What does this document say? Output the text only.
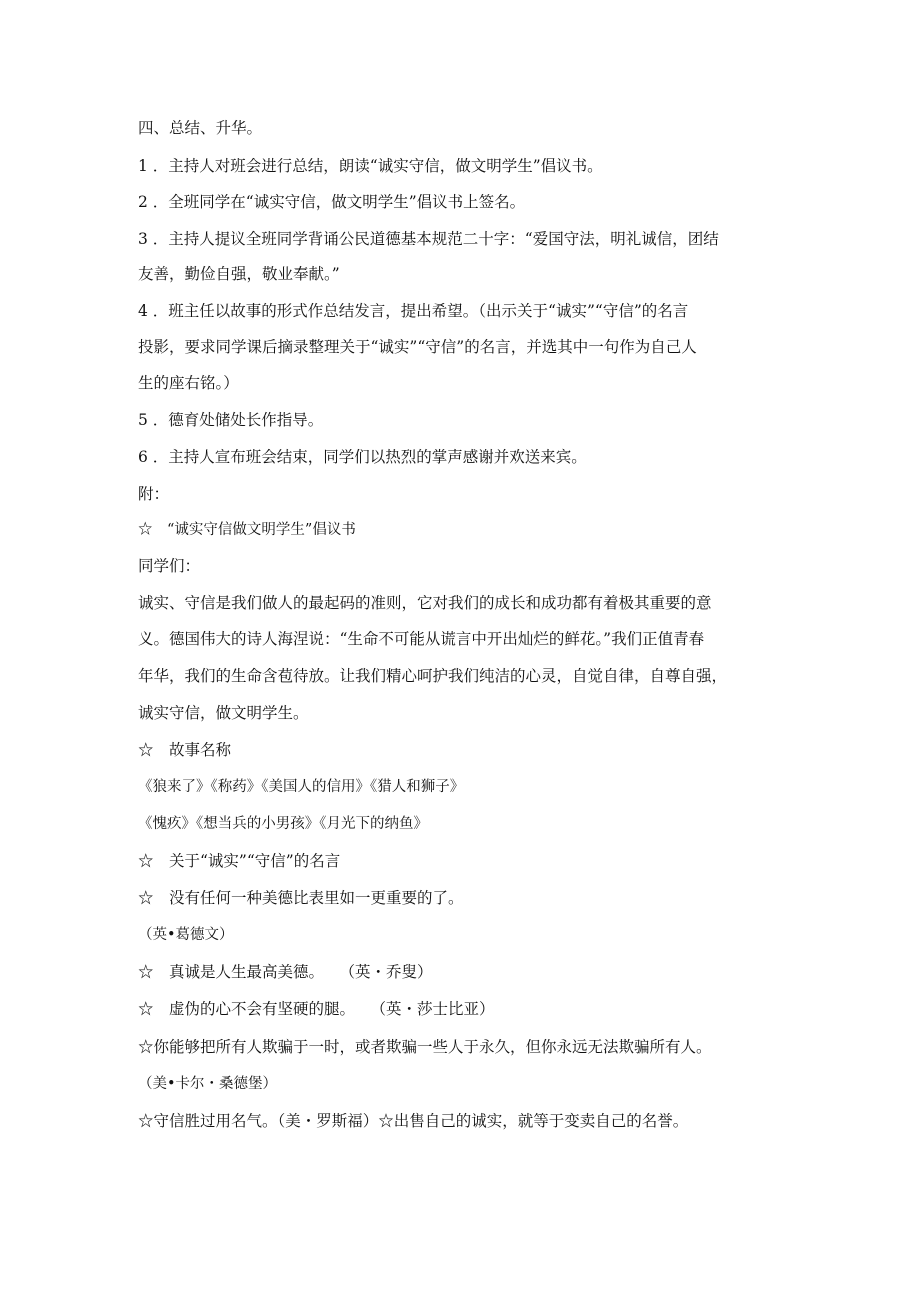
四、总结、升华。
1 ．主持人对班会进行总结，朗读“诚实守信，做文明学生”倡议书。
2 ．全班同学在“诚实守信，做文明学生”倡议书上签名。
3 ．主持人提议全班同学背诵公民道德基本规范二十字：“爱国守法，明礼诚信，团结
友善，勤俭自强，敬业奉献。”
4 ．班主任以故事的形式作总结发言，提出希望。（出示关于“诚实”“守信”的名言
投影，要求同学课后摘录整理关于“诚实”“守信”的名言，并选其中一句作为自己人
生的座右铭。）
5 ．德育处储处长作指导。
6 ．主持人宣布班会结束，同学们以热烈的掌声感谢并欢送来宾。
附：
☆　“诚实守信做文明学生”倡议书
同学们：
诚实、守信是我们做人的最起码的准则，它对我们的成长和成功都有着极其重要的意
义。德国伟大的诗人海涅说：“生命不可能从谎言中开出灿烂的鲜花。”我们正值青春
年华，我们的生命含苞待放。让我们精心呵护我们纯洁的心灵，自觉自律，自尊自强，
诚实守信，做文明学生。
☆　故事名称
《狼来了》《称药》《美国人的信用》《猎人和狮子》
《愧疚》《想当兵的小男孩》《月光下的纳鱼》
☆　关于“诚实”“守信”的名言
☆　没有任何一种美德比表里如一更重要的了。
（英•葛德文）
☆　真诚是人生最高美德。　　（英・乔叟）
☆　虚伪的心不会有坚硬的腿。　　（英・莎士比亚）
☆你能够把所有人欺骗于一时，或者欺骗一些人于永久，但你永远无法欺骗所有人。
（美•卡尔・桑德堡）
☆守信胜过用名气。（美・罗斯福）☆出售自己的诚实，就等于变卖自己的名誉。
